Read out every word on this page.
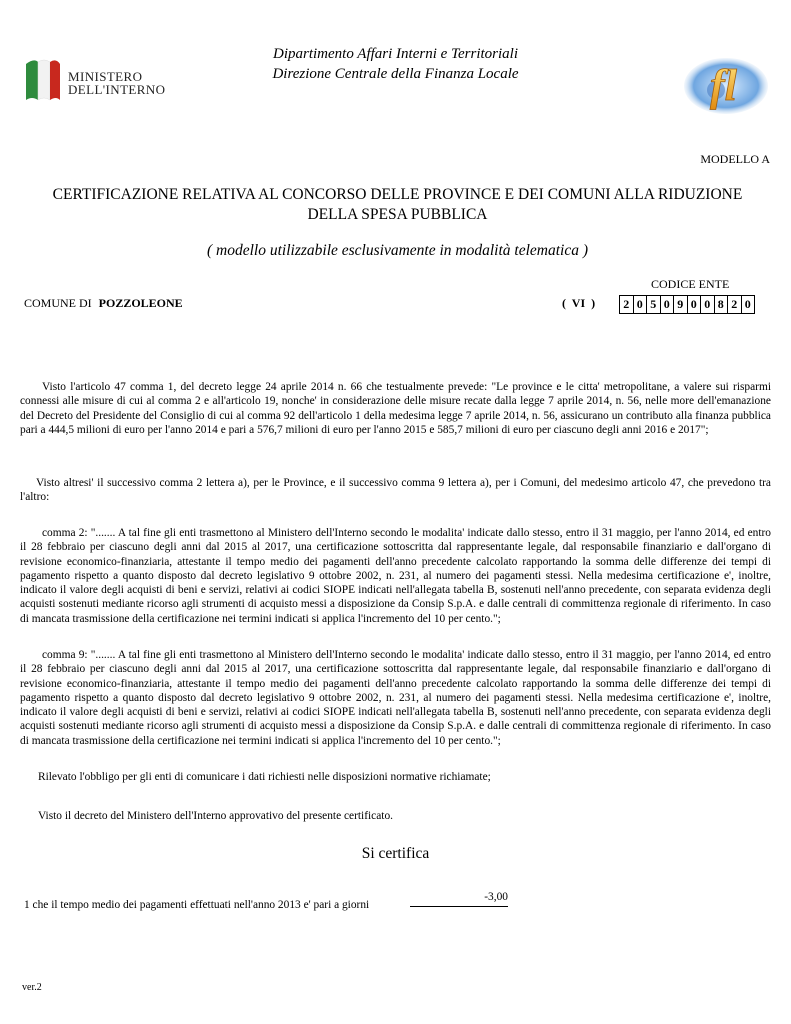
MINISTERO
DELL'INTERNO
Dipartimento Affari Interni e Territoriali
Direzione Centrale della Finanza Locale	fl
MODELLO A
CERTIFICAZIONE RELATIVA AL CONCORSO DELLE PROVINCE E DEI COMUNI ALLA RIDUZIONE
DELLA SPESA PUBBLICA
( modello utilizzabile esclusivamente in modalità telematica )
CODICE ENTE
COMUNE DI POZZOLEONE	(  VI  )	2 0 5 0 9 0 0 8 2 0
Visto l'articolo 47 comma 1, del decreto legge 24 aprile 2014 n. 66 che testualmente prevede: "Le province e le citta' metropolitane, a valere sui risparmi connessi alle misure di cui al comma 2 e all'articolo 19, nonche' in considerazione delle misure recate dalla legge 7 aprile 2014, n. 56, nelle more dell'emanazione del Decreto del Presidente del Consiglio di cui al comma 92 dell'articolo 1 della medesima legge 7 aprile 2014, n. 56, assicurano un contributo alla finanza pubblica pari a 444,5 milioni di euro per l'anno 2014 e pari a 576,7 milioni di euro per l'anno 2015 e 585,7 milioni di euro per ciascuno degli anni 2016 e 2017";
Visto altresi' il successivo comma 2 lettera a), per le Province, e il successivo comma 9 lettera a), per i Comuni, del medesimo articolo 47, che prevedono tra l'altro:
comma 2: "....... A tal fine gli enti trasmettono al Ministero dell'Interno secondo le modalita' indicate dallo stesso, entro il 31 maggio, per l'anno 2014, ed entro il 28 febbraio per ciascuno degli anni dal 2015 al 2017, una certificazione sottoscritta dal rappresentante legale, dal responsabile finanziario e dall'organo di revisione economico-finanziaria, attestante il tempo medio dei pagamenti dell'anno precedente calcolato rapportando la somma delle differenze dei tempi di pagamento rispetto a quanto disposto dal decreto legislativo 9 ottobre 2002, n. 231, al numero dei pagamenti stessi. Nella medesima certificazione e', inoltre, indicato il valore degli acquisti di beni e servizi, relativi ai codici SIOPE indicati nell'allegata tabella B, sostenuti nell'anno precedente, con separata evidenza degli acquisti sostenuti mediante ricorso agli strumenti di acquisto messi a disposizione da Consip S.p.A. e dalle centrali di committenza regionale di riferimento. In caso di mancata trasmissione della certificazione nei termini indicati si applica l'incremento del 10 per cento.";
comma 9: "....... A tal fine gli enti trasmettono al Ministero dell'Interno secondo le modalita' indicate dallo stesso, entro il 31 maggio, per l'anno 2014, ed entro il 28 febbraio per ciascuno degli anni dal 2015 al 2017, una certificazione sottoscritta dal rappresentante legale, dal responsabile finanziario e dall'organo di revisione economico-finanziaria, attestante il tempo medio dei pagamenti dell'anno precedente calcolato rapportando la somma delle differenze dei tempi di pagamento rispetto a quanto disposto dal decreto legislativo 9 ottobre 2002, n. 231, al numero dei pagamenti stessi. Nella medesima certificazione e', inoltre, indicato il valore degli acquisti di beni e servizi, relativi ai codici SIOPE indicati nell'allegata tabella B, sostenuti nell'anno precedente, con separata evidenza degli acquisti sostenuti mediante ricorso agli strumenti di acquisto messi a disposizione da Consip S.p.A. e dalle centrali di committenza regionale di riferimento. In caso di mancata trasmissione della certificazione nei termini indicati si applica l'incremento del 10 per cento.";
Rilevato l'obbligo per gli enti di comunicare i dati richiesti nelle disposizioni normative richiamate;
Visto il decreto del Ministero dell'Interno approvativo del presente certificato.
Si certifica
1 che il tempo medio dei pagamenti effettuati nell'anno 2013 e' pari a giorni
-3,00
ver.2
